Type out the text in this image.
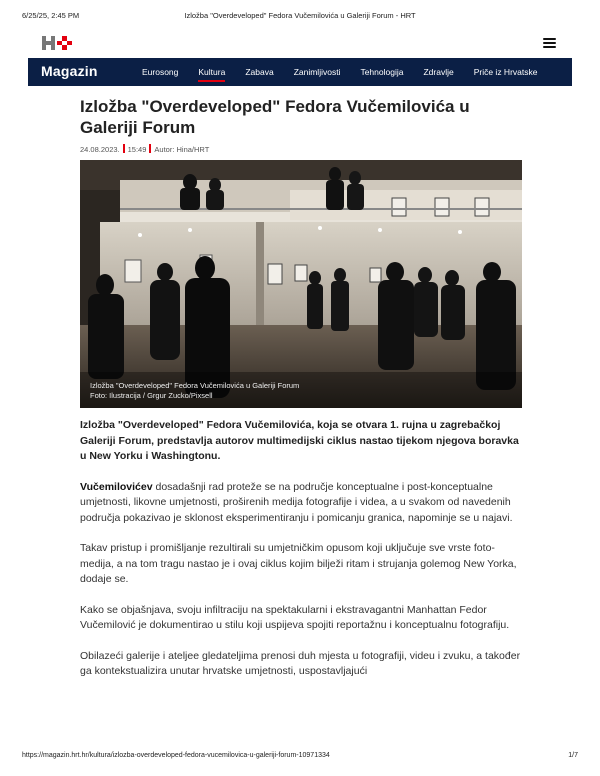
6/25/25, 2:45 PM	Izložba "Overdeveloped" Fedora Vučemilovića u Galeriji Forum - HRT
Magazin	Eurosong Kultura Zabava Zanimljivosti Tehnologija Zdravlje Priče iz Hrvatske
Izložba "Overdeveloped" Fedora Vučemilovića u Galeriji Forum
24.08.2023. 15:49 Autor: Hina/HRT
Izložba "Overdeveloped" Fedora Vučemilovića u Galeriji Forum
Foto: Ilustracija / Grgur Zucko/Pixsell
Izložba "Overdeveloped" Fedora Vučemilovića, koja se otvara 1. rujna u zagrebačkoj Galeriji Forum, predstavlja autorov multimedijski ciklus nastao tijekom njegova boravka u New Yorku i Washingtonu.

Vučemilovićev dosadašnji rad proteže se na područje konceptualne i post-konceptualne umjetnosti, likovne umjetnosti, proširenih medija fotografije i videa, a u svakom od navedenih područja pokazivao je sklonost eksperimentiranju i pomicanju granica, napominje se u najavi.

Takav pristup i promišljanje rezultirali su umjetničkim opusom koji uključuje sve vrste foto- medija, a na tom tragu nastao je i ovaj ciklus kojim bilježi ritam i strujanja golemog New Yorka, dodaje se.

Kako se objašnjava, svoju infiltraciju na spektakularni i ekstravagantni Manhattan Fedor Vučemilović je dokumentirao u stilu koji uspijeva spojiti reportažnu i konceptualnu fotografiju.

Obilazeći galerije i ateljee gledateljima prenosi duh mjesta u fotografiji, videu i zvuku, a također ga kontekstualizira unutar hrvatske umjetnosti, uspostavljajući

https://magazin.hrt.hr/kultura/izlozba-overdeveloped-fedora-vucemilovica-u-galeriji-forum-10971334	1/7
